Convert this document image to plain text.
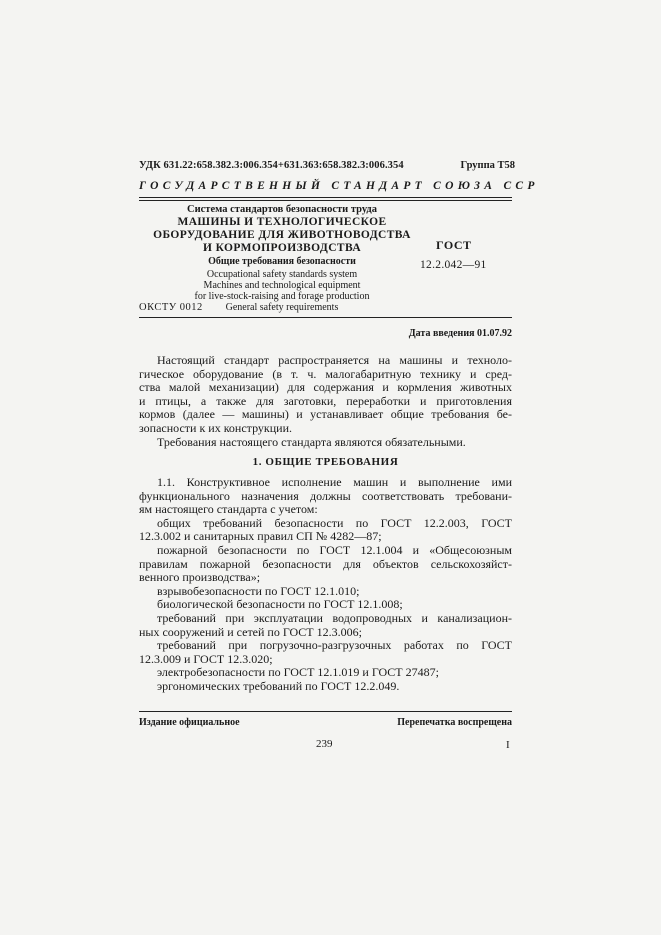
УДК 631.22:658.382.3:006.354+631.363:658.382.3:006.354	Группа Т58
ГОСУДАРСТВЕННЫЙ СТАНДАРТ СОЮЗА ССР
Система стандартов безопасности труда
МАШИНЫ И ТЕХНОЛОГИЧЕСКОЕ
ОБОРУДОВАНИЕ ДЛЯ ЖИВОТНОВОДСТВА
И КОРМОПРОИЗВОДСТВА
Общие требования безопасности
Occupational safety standards system
Machines and technological equipment
for live-stock-raising and forage production
General safety requirements
ОКСТУ 0012
ГОСТ
12.2.042—91
Дата введения 01.07.92

Настоящий стандарт распространяется на машины и техноло-

гическое оборудование (в т. ч. малогабаритную технику и сред-

ства малой механизации) для содержания и кормления животных

и птицы, а также для заготовки, переработки и приготовления

кормов (далее — машины) и устанавливает общие требования бе-

зопасности к их конструкции.

Требования настоящего стандарта являются обязательными.

1. ОБЩИЕ ТРЕБОВАНИЯ

1.1. Конструктивное исполнение машин и выполнение ими

функционального назначения должны соответствовать требовани-

ям настоящего стандарта с учетом:

общих требований безопасности по ГОСТ 12.2.003, ГОСТ

12.3.002 и санитарных правил СП № 4282—87;

пожарной безопасности по ГОСТ 12.1.004 и «Общесоюзным

правилам пожарной безопасности для объектов сельскохозяйст-

венного производства»;

взрывобезопасности по ГОСТ 12.1.010;

биологической безопасности по ГОСТ 12.1.008;

требований при эксплуатации водопроводных и канализацион-

ных сооружений и сетей по ГОСТ 12.3.006;

требований при погрузочно-разгрузочных работах по ГОСТ

12.3.009 и ГОСТ 12.3.020;

электробезопасности по ГОСТ 12.1.019 и ГОСТ 27487;

эргономических требований по ГОСТ 12.2.049.

Издание официальное	Перепечатка воспрещена
239	I
